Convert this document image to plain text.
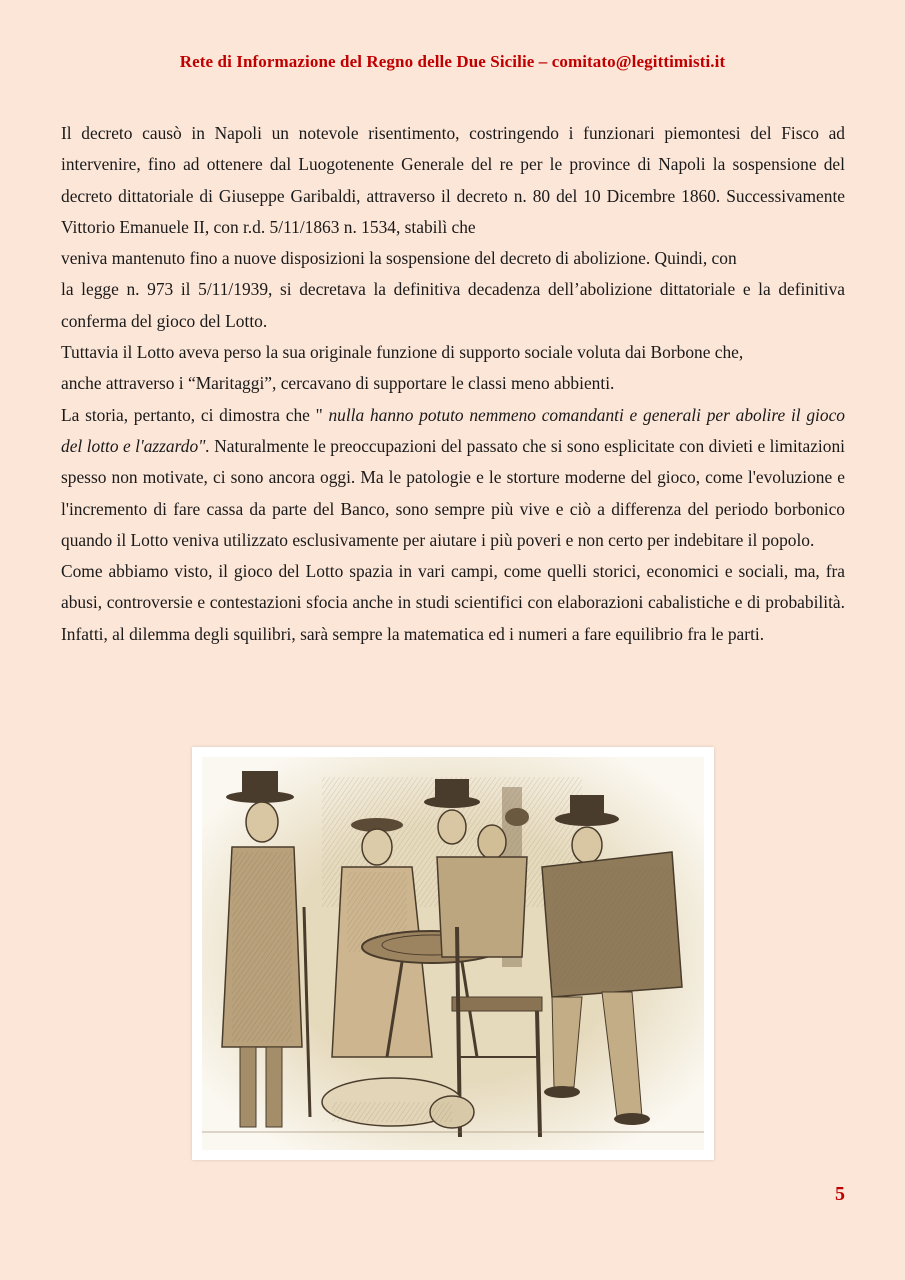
Rete di Informazione del Regno delle Due Sicilie – comitato@legittimisti.it

Il decreto causò in Napoli un notevole risentimento, costringendo i funzionari piemontesi del Fisco ad intervenire, fino ad ottenere dal Luogotenente Generale del re per le province di Napoli la sospensione del decreto dittatoriale di Giuseppe Garibaldi, attraverso il decreto n. 80 del 10 Dicembre 1860. Successivamente Vittorio Emanuele II, con r.d. 5/11/1863 n. 1534, stabilì che
veniva mantenuto fino a nuove disposizioni la sospensione del decreto di abolizione. Quindi, con
la legge n. 973 il 5/11/1939, si decretava la definitiva decadenza dell’abolizione dittatoriale e la definitiva conferma del gioco del Lotto.

Tuttavia il Lotto aveva perso la sua originale funzione di supporto sociale voluta dai Borbone che,
anche attraverso i “Maritaggi”, cercavano di supportare le classi meno abbienti.

La storia, pertanto, ci dimostra che " nulla hanno potuto nemmeno comandanti e generali per abolire il gioco del lotto e l'azzardo". Naturalmente le preoccupazioni del passato che si sono esplicitate con divieti e limitazioni spesso non motivate, ci sono ancora oggi. Ma le patologie e le storture moderne del gioco, come l'evoluzione e l'incremento di fare cassa da parte del Banco, sono sempre più vive e ciò a differenza del periodo borbonico quando il Lotto veniva utilizzato esclusivamente per aiutare i più poveri e non certo per indebitare il popolo.

Come abbiamo visto, il gioco del Lotto spazia in vari campi, come quelli storici, economici e sociali, ma, fra abusi, controversie e contestazioni sfocia anche in studi scientifici con elaborazioni cabalistiche e di probabilità. Infatti, al dilemma degli squilibri, sarà sempre la matematica ed i numeri a fare equilibrio fra le parti.

5
